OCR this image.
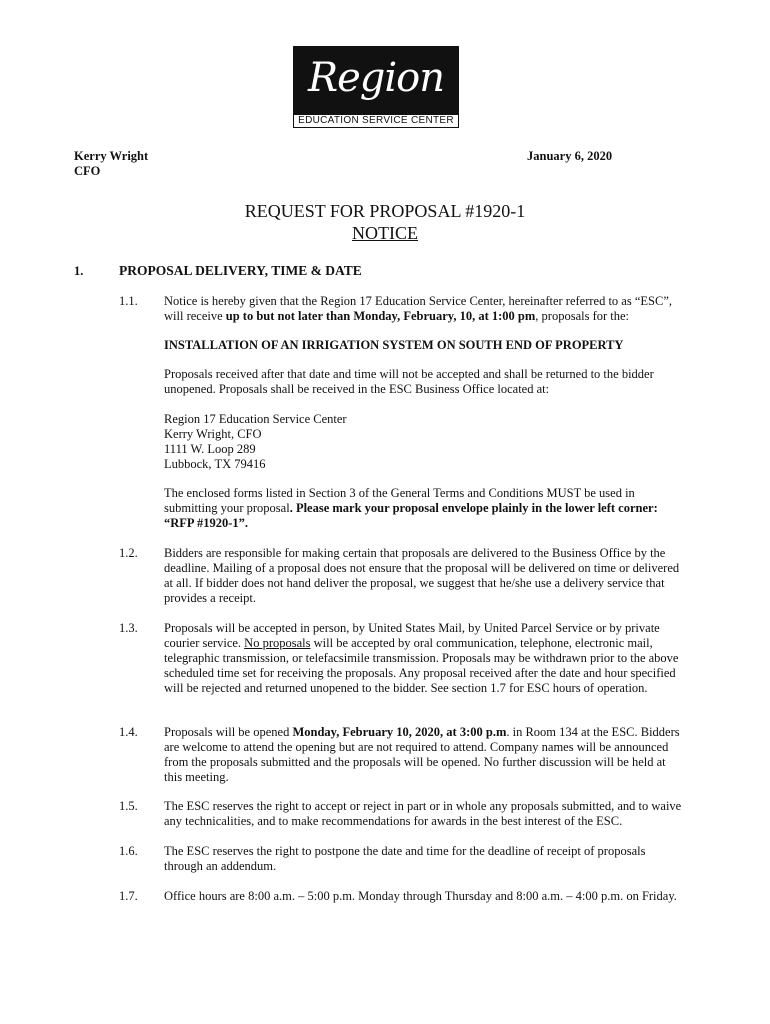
Region 17
EDUCATION SERVICE CENTER
Kerry Wright
CFO
January 6, 2020
REQUEST FOR PROPOSAL #1920-1
NOTICE
1.	PROPOSAL DELIVERY, TIME & DATE
1.1. Notice is hereby given that the Region 17 Education Service Center, hereinafter referred to as “ESC”, will receive up to but not later than Monday, February, 10, at 1:00 pm, proposals for the:

INSTALLATION OF AN IRRIGATION SYSTEM ON SOUTH END OF PROPERTY
Proposals received after that date and time will not be accepted and shall be returned to the bidder unopened. Proposals shall be received in the ESC Business Office located at:
Region 17 Education Service Center
Kerry Wright, CFO
1111 W. Loop 289
Lubbock, TX 79416

The enclosed forms listed in Section 3 of the General Terms and Conditions MUST be used in submitting your proposal. Please mark your proposal envelope plainly in the lower left corner: “RFP #1920-1”.

1.2. Bidders are responsible for making certain that proposals are delivered to the Business Office by the deadline. Mailing of a proposal does not ensure that the proposal will be delivered on time or delivered at all. If bidder does not hand deliver the proposal, we suggest that he/she use a delivery service that provides a receipt.
1.3. Proposals will be accepted in person, by United States Mail, by United Parcel Service or by private courier service. No proposals will be accepted by oral communication, telephone, electronic mail, telegraphic transmission, or telefacsimile transmission. Proposals may be withdrawn prior to the above scheduled time set for receiving the proposals. Any proposal received after the date and hour specified will be rejected and returned unopened to the bidder. See section 1.7 for ESC hours of operation.

1.4. Proposals will be opened Monday, February 10, 2020, at 3:00 p.m. in Room 134 at the ESC. Bidders are welcome to attend the opening but are not required to attend. Company names will be announced from the proposals submitted and the proposals will be opened. No further discussion will be held at this meeting.

1.5. The ESC reserves the right to accept or reject in part or in whole any proposals submitted, and to waive any technicalities, and to make recommendations for awards in the best interest of the ESC.
1.6. The ESC reserves the right to postpone the date and time for the deadline of receipt of proposals through an addendum.
1.7. Office hours are 8:00 a.m. – 5:00 p.m. Monday through Thursday and 8:00 a.m. – 4:00 p.m. on Friday.
